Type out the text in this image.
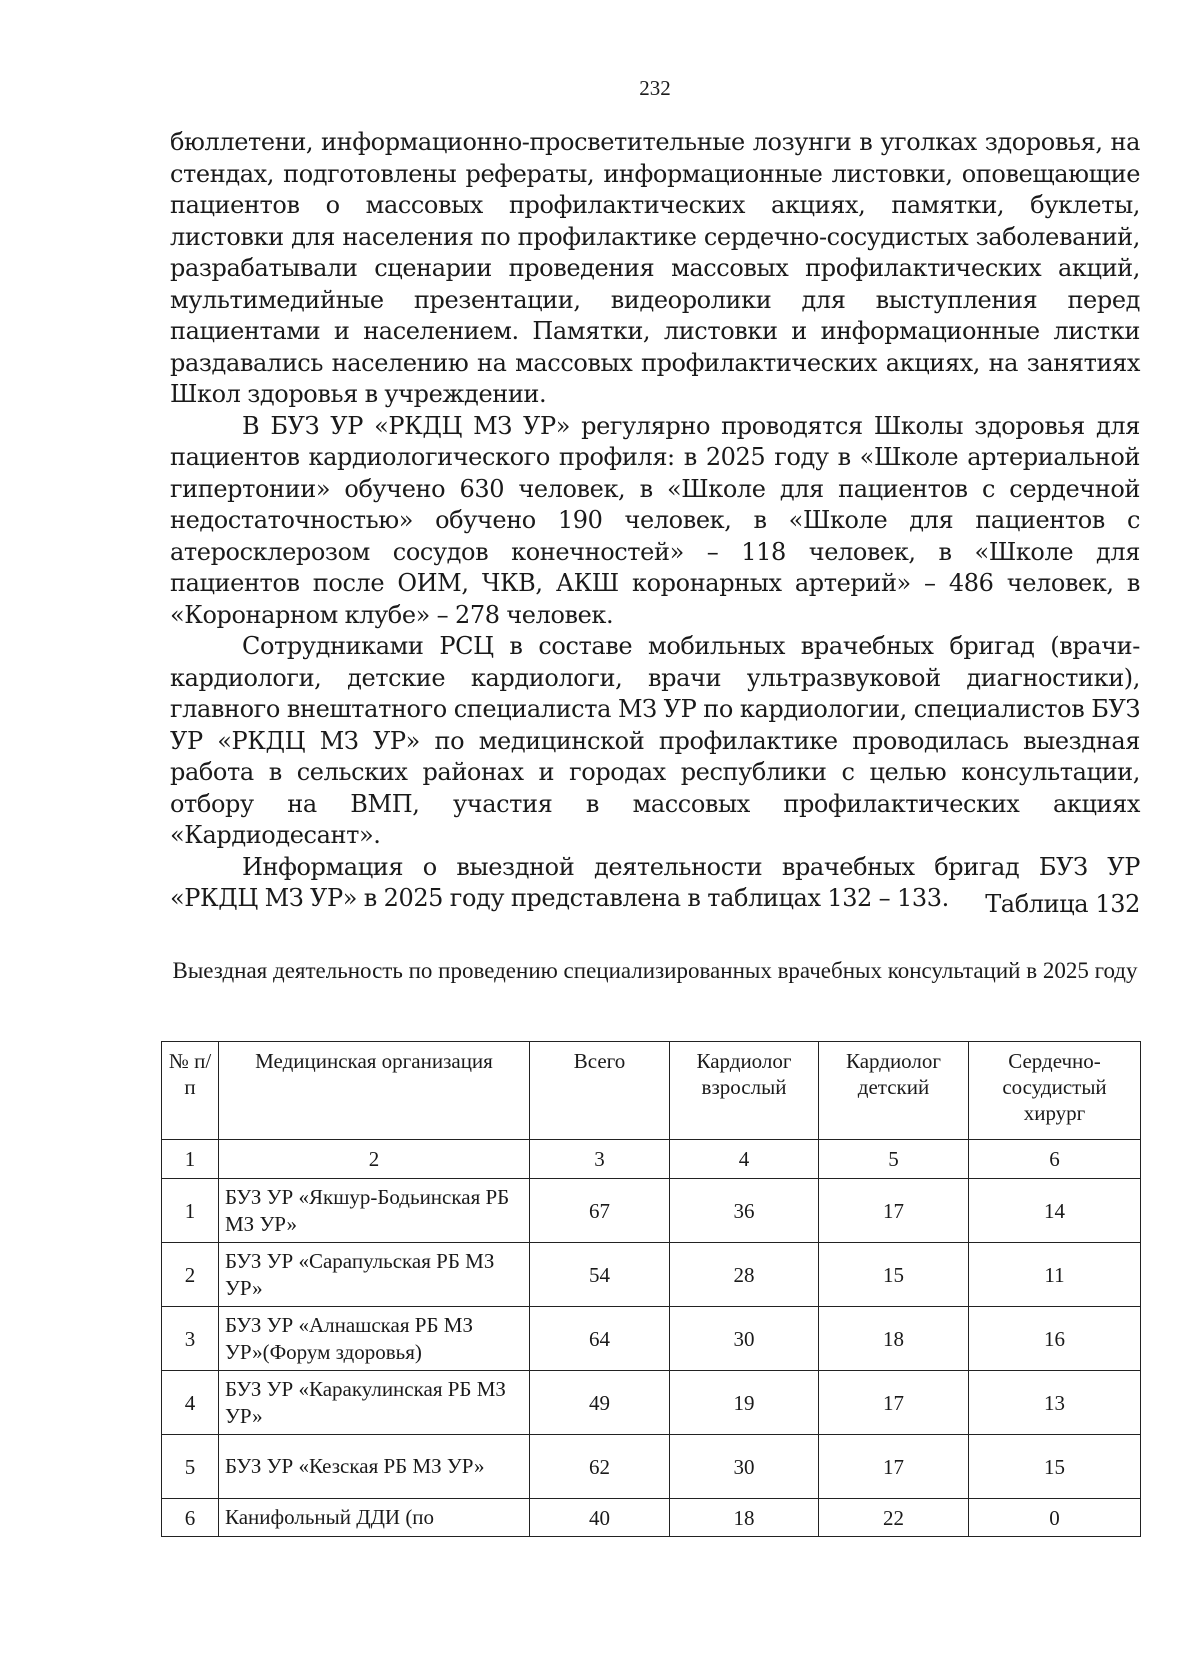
232

бюллетени, информационно-просветительные лозунги в уголках здоровья, на стендах, подготовлены рефераты, информационные листовки, оповещающие пациентов о массовых профилактических акциях, памятки, буклеты, листовки для населения по профилактике сердечно-сосудистых заболеваний, разрабатывали сценарии проведения массовых профилактических акций, мультимедийные презентации, видеоролики для выступления перед пациентами и населением. Памятки, листовки и информационные листки раздавались населению на массовых профилактических акциях, на занятиях Школ здоровья в учреждении.

В БУЗ УР «РКДЦ МЗ УР» регулярно проводятся Школы здоровья для пациентов кардиологического профиля: в 2025 году в «Школе артериальной гипертонии» обучено 630 человек, в «Школе для пациентов с сердечной недостаточностью» обучено 190 человек, в «Школе для пациентов с атеросклерозом сосудов конечностей» – 118 человек, в «Школе для пациентов после ОИМ, ЧКВ, АКШ коронарных артерий» – 486 человек, в «Коронарном клубе» – 278 человек.

Сотрудниками РСЦ в составе мобильных врачебных бригад (врачи-кардиологи, детские кардиологи, врачи ультразвуковой диагностики), главного внештатного специалиста МЗ УР по кардиологии, специалистов БУЗ УР «РКДЦ МЗ УР» по медицинской профилактике проводилась выездная работа в сельских районах и городах республики с целью консультации, отбору на ВМП, участия в массовых профилактических акциях «Кардиодесант».

Информация о выездной деятельности врачебных бригад БУЗ УР «РКДЦ МЗ УР» в 2025 году представлена в таблицах 132 – 133.	Таблица 132
Выездная деятельность по проведению специализированных врачебных консультаций в 2025 году
№ п/п	Медицинская организация	Всего	Кардиолог взрослый	Кардиолог детский	Сердечно-сосудистый хирург
1	2	3	4	5	6
1	БУЗ УР «Якшур-Бодьинская РБ МЗ УР»	67	36	17	14
2	БУЗ УР «Сарапульская РБ МЗ УР»	54	28	15	11
3	БУЗ УР «Алнашская РБ МЗ УР»(Форум здоровья)	64	30	18	16
4	БУЗ УР «Каракулинская РБ МЗ УР»	49	19	17	13
5	БУЗ УР «Кезская РБ МЗ УР»	62	30	17	15
6	Канифольный ДДИ (по	40	18	22	0
